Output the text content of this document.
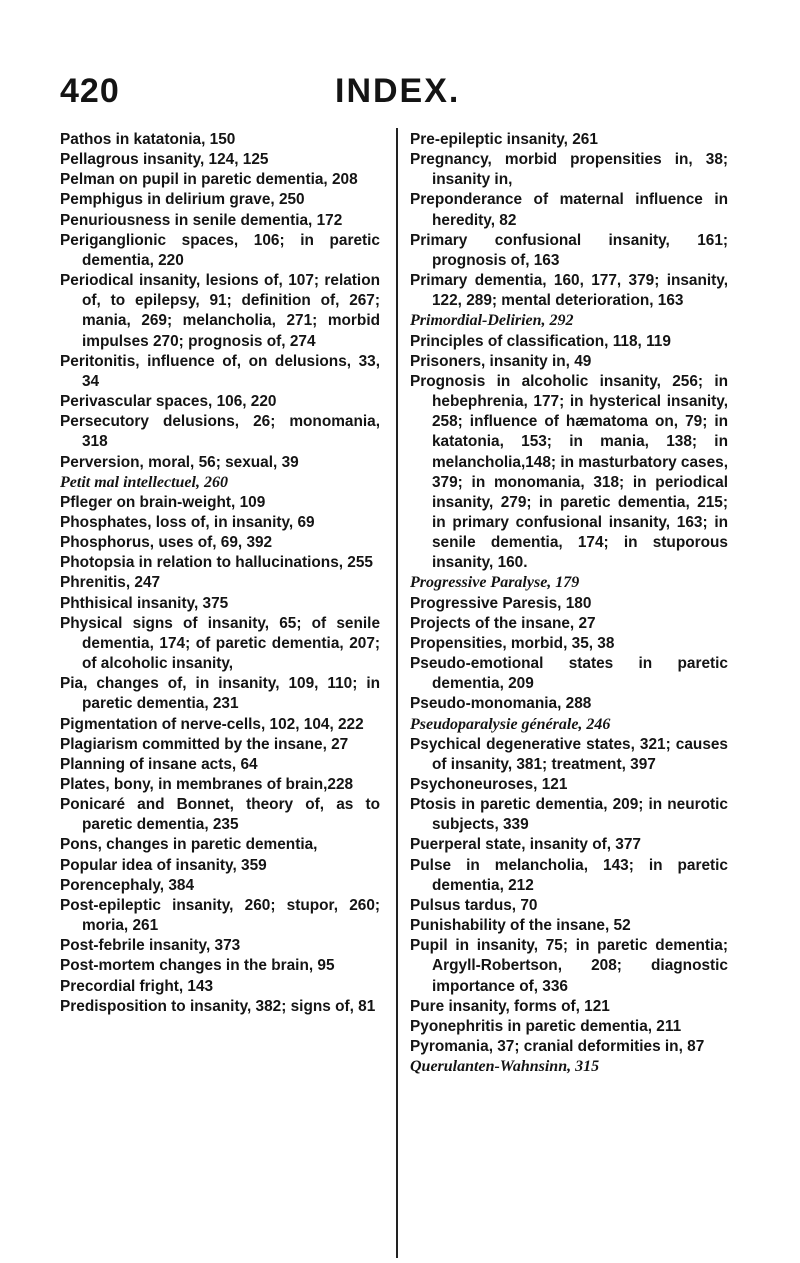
420	INDEX.

Pathos in katatonia, 150

Pellagrous insanity, 124, 125

Pelman on pupil in paretic dementia, 208

Pemphigus in delirium grave, 250

Penuriousness in senile dementia, 172

Periganglionic spaces, 106; in paretic dementia, 220

Periodical insanity, lesions of, 107; relation of, to epilepsy, 91; definition of, 267; mania, 269; melancholia, 271; morbid impulses 270; prognosis of, 274

Peritonitis, influence of, on delusions, 33, 34

Perivascular spaces, 106, 220

Persecutory delusions, 26; monomania, 318

Perversion, moral, 56; sexual, 39

Petit mal intellectuel, 260

Pfleger on brain-weight, 109

Phosphates, loss of, in insanity, 69

Phosphorus, uses of, 69, 392

Photopsia in relation to hallucinations, 255

Phrenitis, 247

Phthisical insanity, 375

Physical signs of insanity, 65; of senile dementia, 174; of paretic dementia, 207; of alcoholic insanity,

Pia, changes of, in insanity, 109, 110; in paretic dementia, 231

Pigmentation of nerve-cells, 102, 104, 222

Plagiarism committed by the insane, 27

Planning of insane acts, 64

Plates, bony, in membranes of brain,228

Ponicaré and Bonnet, theory of, as to paretic dementia, 235

Pons, changes in paretic dementia,

Popular idea of insanity, 359

Porencephaly, 384

Post-epileptic insanity, 260; stupor, 260; moria, 261

Post-febrile insanity, 373

Post-mortem changes in the brain, 95

Precordial fright, 143

Predisposition to insanity, 382; signs of, 81

Pre-epileptic insanity, 261

Pregnancy, morbid propensities in, 38; insanity in,

Preponderance of maternal influence in heredity, 82

Primary confusional insanity, 161; prognosis of, 163

Primary dementia, 160, 177, 379; insanity, 122, 289; mental deterioration, 163

Primordial-Delirien, 292

Principles of classification, 118, 119

Prisoners, insanity in, 49

Prognosis in alcoholic insanity, 256; in hebephrenia, 177; in hysterical insanity, 258; influence of hæmatoma on, 79; in katatonia, 153; in mania, 138; in melancholia,148; in masturbatory cases, 379; in monomania, 318; in periodical insanity, 279; in paretic dementia, 215; in primary confusional insanity, 163; in senile dementia, 174; in stuporous insanity, 160.

Progressive Paralyse, 179

Progressive Paresis, 180

Projects of the insane, 27

Propensities, morbid, 35, 38

Pseudo-emotional states in paretic dementia, 209

Pseudo-monomania, 288

Pseudoparalysie générale, 246

Psychical degenerative states, 321; causes of insanity, 381; treatment, 397

Psychoneuroses, 121

Ptosis in paretic dementia, 209; in neurotic subjects, 339

Puerperal state, insanity of, 377

Pulse in melancholia, 143; in paretic dementia, 212

Pulsus tardus, 70

Punishability of the insane, 52

Pupil in insanity, 75; in paretic dementia; Argyll-Robertson, 208; diagnostic importance of, 336

Pure insanity, forms of, 121

Pyonephritis in paretic dementia, 211

Pyromania, 37; cranial deformities in, 87

Querulanten-Wahnsinn, 315
